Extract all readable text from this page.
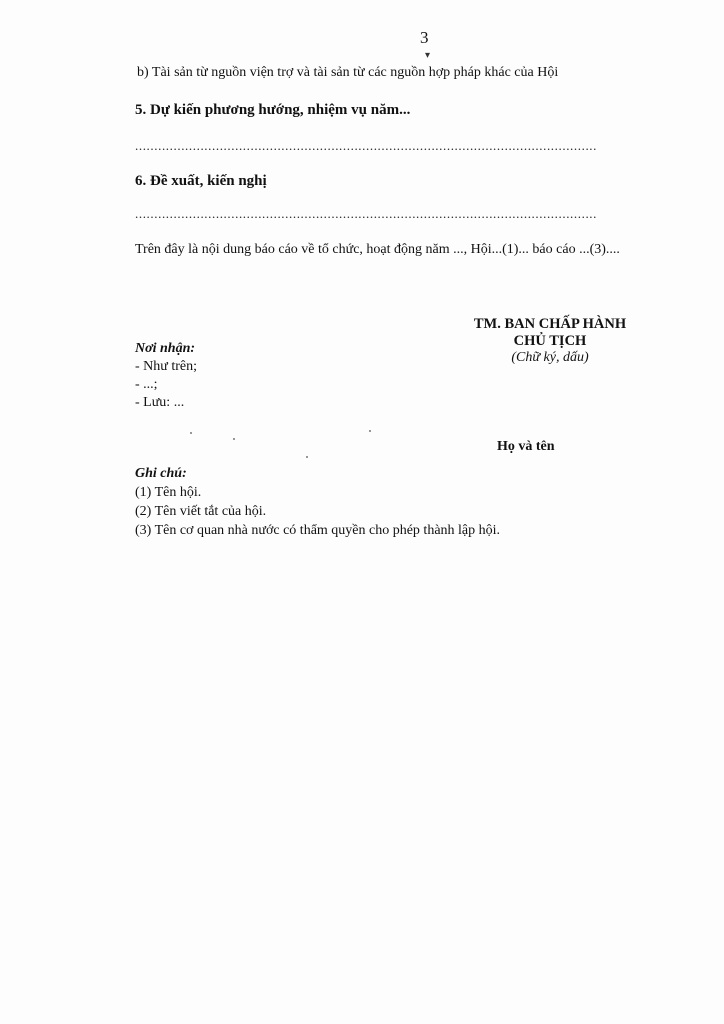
3
▾
b) Tài sản từ nguồn viện trợ và tài sản từ các nguồn hợp pháp khác của Hội
5. Dự kiến phương hướng, nhiệm vụ năm...
........................................................................................................................
6. Đề xuất, kiến nghị
........................................................................................................................
Trên đây là nội dung báo cáo về tổ chức, hoạt động năm ..., Hội...(1)... báo cáo ...(3)....
TM. BAN CHẤP HÀNH
CHỦ TỊCH
(Chữ ký, dấu)
Nơi nhận:
- Như trên;
- ...;
- Lưu: ...
Họ và tên
Ghi chú:
(1) Tên hội.
(2) Tên viết tắt của hội.
(3) Tên cơ quan nhà nước có thẩm quyền cho phép thành lập hội.
